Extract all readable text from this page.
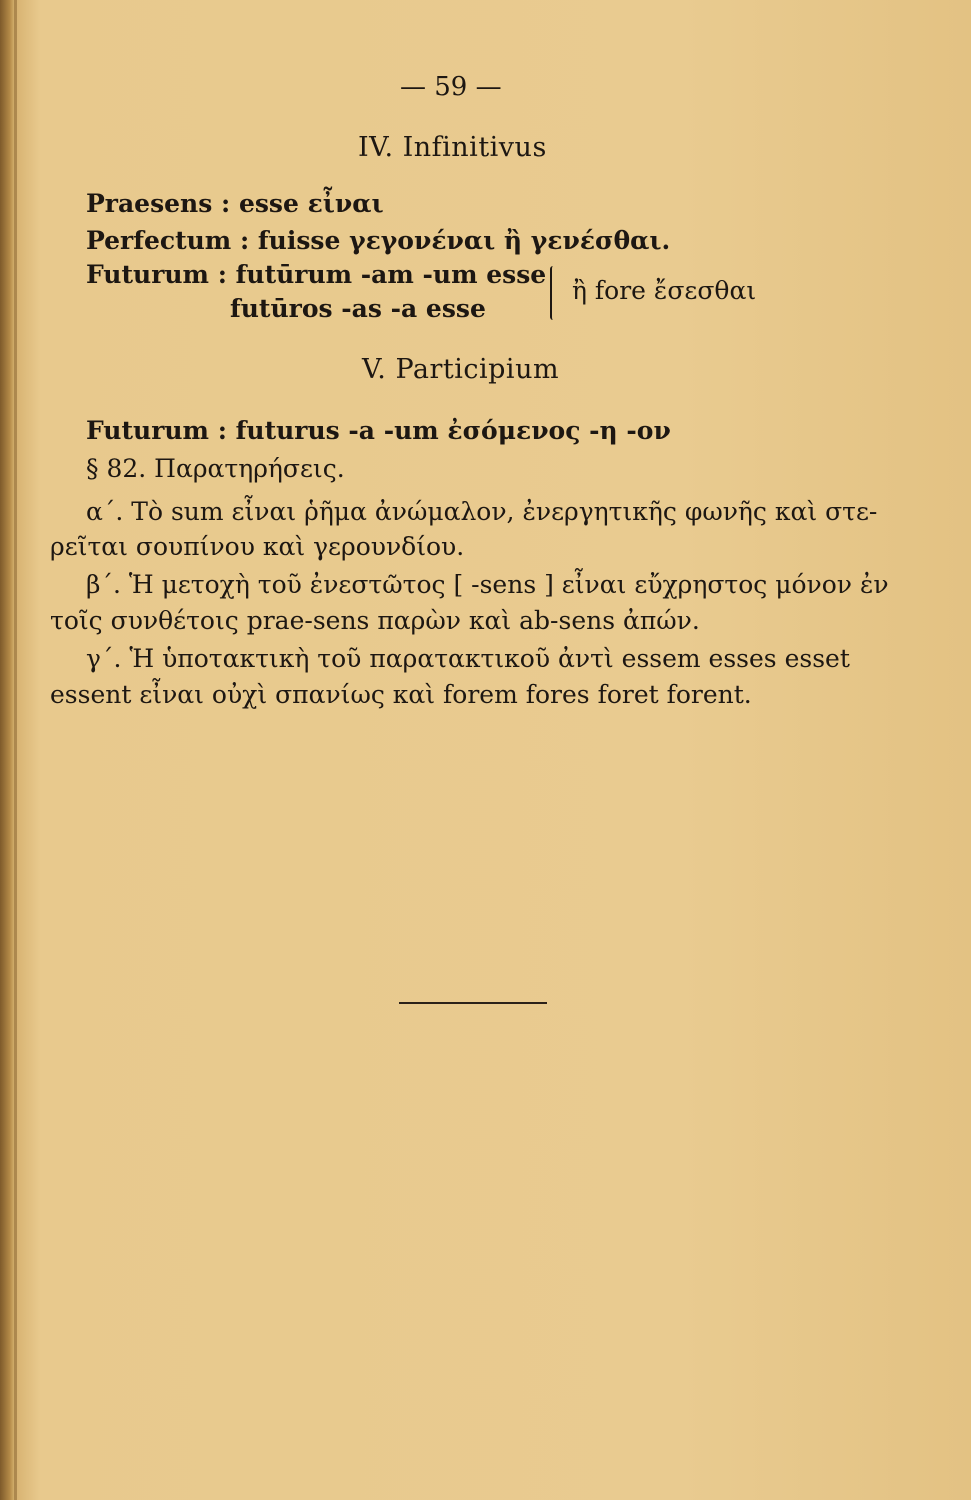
— 59 —
IV. Infinitivus
Praesens : esse εἶναι
Perfectum : fuisse γεγονέναι ἢ γενέσθαι.
Futurum : futūrum -am -um esse
futūros -as -a esse
ἢ fore ἔσεσθαι
V. Participium
Futurum : futurus -a -um ἐσόμενος -η -ον
§ 82. Παρατηρήσεις.
α΄. Τὸ sum εἶναι ῥῆμα ἀνώμαλον, ἐνεργητικῆς φωνῆς καὶ στε-
ρεῖται σουπίνου καὶ γερουνδίου.
β΄. Ἡ μετοχὴ τοῦ ἐνεστῶτος [ -sens ] εἶναι εὔχρηστος μόνον ἐν
τοῖς συνθέτοις prae-sens παρὼν καὶ ab-sens ἀπών.
γ΄. Ἡ ὑποτακτικὴ τοῦ παρατακτικοῦ ἀντὶ essem esses esset
essent εἶναι οὐχὶ σπανίως καὶ forem fores foret forent.
